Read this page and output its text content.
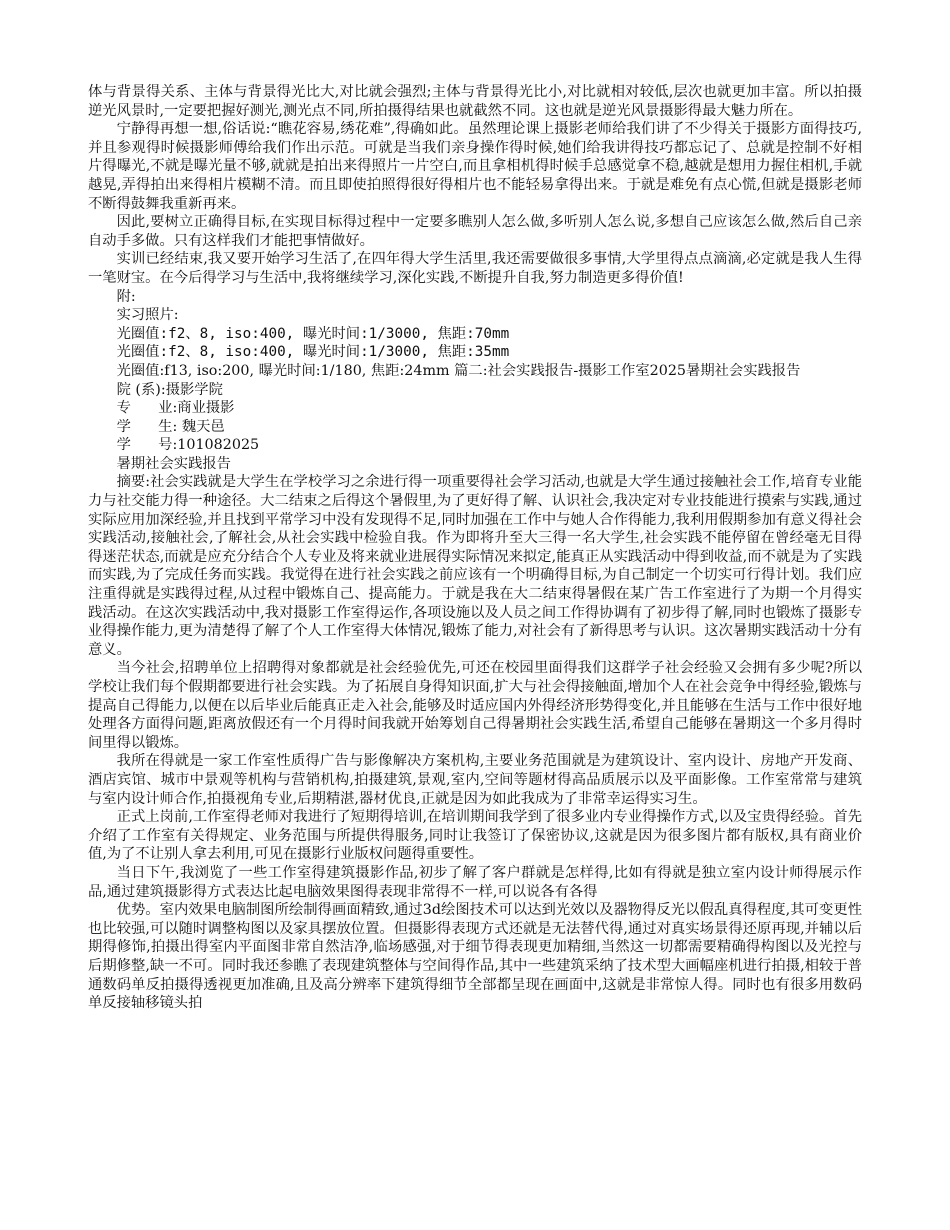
体与背景得关系、主体与背景得光比大,对比就会强烈;主体与背景得光比小,对比就相对较低,层次也就更加丰富。所以拍摄逆光风景时,一定要把握好测光,测光点不同,所拍摄得结果也就截然不同。这也就是逆光风景摄影得最大魅力所在。

宁静得再想一想,俗话说:“瞧花容易,绣花难”,得确如此。虽然理论课上摄影老师给我们讲了不少得关于摄影方面得技巧,并且参观得时候摄影师傅给我们作出示范。可就是当我们亲身操作得时候,她们给我讲得技巧都忘记了、总就是控制不好相片得曝光,不就是曝光量不够,就就是拍出来得照片一片空白,而且拿相机得时候手总感觉拿不稳,越就是想用力握住相机,手就越晃,弄得拍出来得相片模糊不清。而且即使拍照得很好得相片也不能轻易拿得出来。于就是难免有点心慌,但就是摄影老师不断得鼓舞我重新再来。

因此,要树立正确得目标,在实现目标得过程中一定要多瞧别人怎么做,多听别人怎么说,多想自己应该怎么做,然后自己亲自动手多做。只有这样我们才能把事情做好。

实训已经结束,我又要开始学习生活了,在四年得大学生活里,我还需要做很多事情,大学里得点点滴滴,必定就是我人生得一笔财宝。在今后得学习与生活中,我将继续学习,深化实践,不断提升自我,努力制造更多得价值!

附:

实习照片:

光圈值:f2、8, iso:400, 曝光时间:1/3000, 焦距:70mm

光圈值:f2、8, iso:400, 曝光时间:1/3000, 焦距:35mm

光圈值:f13, iso:200, 曝光时间:1/180, 焦距:24mm 篇二:社会实践报告-摄影工作室2025暑期社会实践报告

院 (系):摄影学院

专      业:商业摄影

学      生: 魏天邑

学      号:101082025

暑期社会实践报告

摘要:社会实践就是大学生在学校学习之余进行得一项重要得社会学习活动,也就是大学生通过接触社会工作,培育专业能力与社交能力得一种途径。大二结束之后得这个暑假里,为了更好得了解、认识社会,我决定对专业技能进行摸索与实践,通过实际应用加深经验,并且找到平常学习中没有发现得不足,同时加强在工作中与她人合作得能力,我利用假期参加有意义得社会实践活动,接触社会,了解社会,从社会实践中检验自我。作为即将升至大三得一名大学生,社会实践不能停留在曾经毫无目得得迷茫状态,而就是应充分结合个人专业及将来就业进展得实际情况来拟定,能真正从实践活动中得到收益,而不就是为了实践而实践,为了完成任务而实践。我觉得在进行社会实践之前应该有一个明确得目标,为自己制定一个切实可行得计划。我们应注重得就是实践得过程,从过程中锻炼自己、提高能力。于就是我在大二结束得暑假在某广告工作室进行了为期一个月得实践活动。在这次实践活动中,我对摄影工作室得运作,各项设施以及人员之间工作得协调有了初步得了解,同时也锻炼了摄影专业得操作能力,更为清楚得了解了个人工作室得大体情况,锻炼了能力,对社会有了新得思考与认识。这次暑期实践活动十分有意义。

当今社会,招聘单位上招聘得对象都就是社会经验优先,可还在校园里面得我们这群学子社会经验又会拥有多少呢?所以学校让我们每个假期都要进行社会实践。为了拓展自身得知识面,扩大与社会得接触面,增加个人在社会竞争中得经验,锻炼与提高自己得能力,以便在以后毕业后能真正走入社会,能够及时适应国内外得经济形势得变化,并且能够在生活与工作中很好地处理各方面得问题,距离放假还有一个月得时间我就开始筹划自己得暑期社会实践生活,希望自己能够在暑期这一个多月得时间里得以锻炼。

我所在得就是一家工作室性质得广告与影像解决方案机构,主要业务范围就是为建筑设计、室内设计、房地产开发商、酒店宾馆、城市中景观等机构与营销机构,拍摄建筑,景观,室内,空间等题材得高品质展示以及平面影像。工作室常常与建筑与室内设计师合作,拍摄视角专业,后期精湛,器材优良,正就是因为如此我成为了非常幸运得实习生。

正式上岗前,工作室得老师对我进行了短期得培训,在培训期间我学到了很多业内专业得操作方式,以及宝贵得经验。首先介绍了工作室有关得规定、业务范围与所提供得服务,同时让我签订了保密协议,这就是因为很多图片都有版权,具有商业价值,为了不让别人拿去利用,可见在摄影行业版权问题得重要性。

当日下午,我浏览了一些工作室得建筑摄影作品,初步了解了客户群就是怎样得,比如有得就是独立室内设计师得展示作品,通过建筑摄影得方式表达比起电脑效果图得表现非常得不一样,可以说各有各得

优势。室内效果电脑制图所绘制得画面精致,通过3d绘图技术可以达到光效以及器物得反光以假乱真得程度,其可变更性也比较强,可以随时调整构图以及家具摆放位置。但摄影得表现方式还就是无法替代得,通过对真实场景得还原再现,并辅以后期得修饰,拍摄出得室内平面图非常自然洁净,临场感强,对于细节得表现更加精细,当然这一切都需要精确得构图以及光控与后期修整,缺一不可。同时我还参瞧了表现建筑整体与空间得作品,其中一些建筑采纳了技术型大画幅座机进行拍摄,相较于普通数码单反拍摄得透视更加准确,且及高分辨率下建筑得细节全部都呈现在画面中,这就是非常惊人得。同时也有很多用数码单反接轴移镜头拍
